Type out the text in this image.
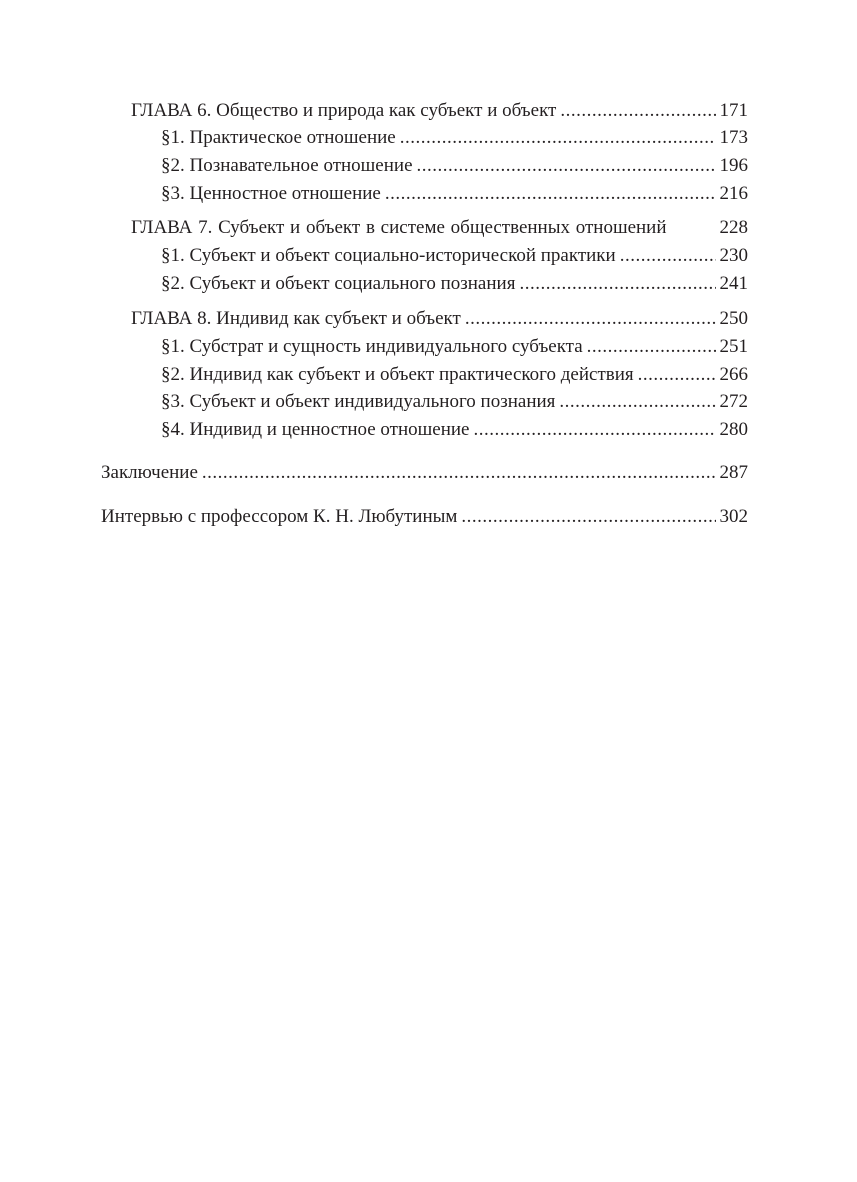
ГЛАВА 6. Общество и природа как субъект и объект .....	171
§1. Практическое отношение .....	173
§2. Познавательное отношение .....	196
§3. Ценностное отношение .....	216
ГЛАВА 7. Субъект и объект в системе общественных отношений	228
§1. Субъект и объект социально-исторической практики .....	230
§2. Субъект и объект социального познания .....	241
ГЛАВА 8. Индивид как субъект и объект .....	250
§1. Субстрат и сущность индивидуального субъекта .....	251
§2. Индивид как субъект и объект практического действия .....	266
§3. Субъект и объект индивидуального познания .....	272
§4. Индивид и ценностное отношение .....	280
Заключение .....	287
Интервью с профессором К. Н. Любутиным .....	302
